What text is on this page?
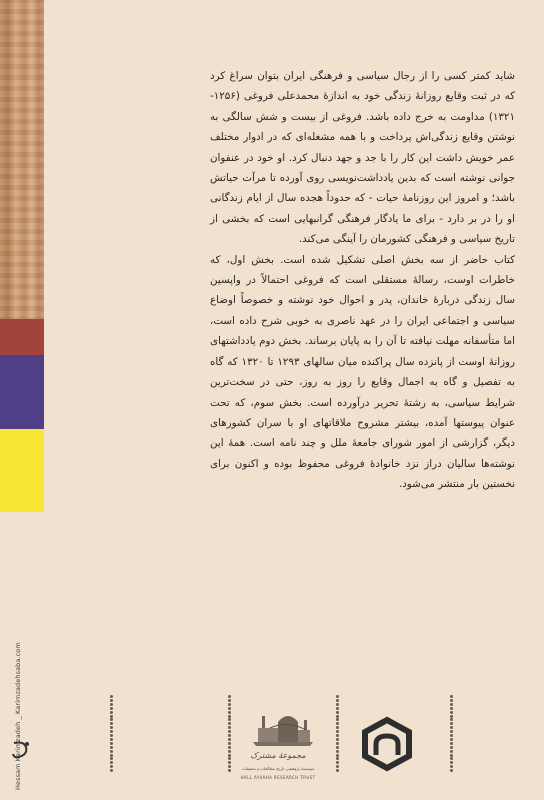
Hessam Karimzadeh _ Karimzadehsaba.com

شاید کمتر کسی را از رجال سیاسی و فرهنگی ایران بتوان سراغ کرد که در ثبت وقایع روزانهٔ زندگی خود به اندازهٔ محمدعلی فروغی (۱۲۵۶- ۱۳۲۱) مداومت به خرج داده باشد. فروغی از بیست و شش سالگی به نوشتن وقایع زندگی‌اش پرداخت و با همه مشغله‌ای که در ادوار مختلف عمر خویش داشت این کار را با جد و جهد دنبال کرد. او خود در عنفوان جوانی نوشته است که بدین یادداشت‌نویسی روی آورده تا مرآت حیاتش باشد؛ و امروز این روزنامهٔ حیات - که حدوداً هجده سال از ایام زندگانی او را در بر دارد - برای ما یادگار فرهنگی گرانبهایی است که بخشی از تاریخ سیاسی و فرهنگی کشورمان را آینگی می‌کند.

کتاب حاضر از سه بخش اصلی تشکیل شده است. بخش اول، که خاطرات اوست، رسالهٔ مستقلی است که فروغی احتمالاً در واپسین سال زندگی دربارهٔ خاندان، پدر و احوال خود نوشته و خصوصاً اوضاع سیاسی و اجتماعی ایران را در عهد ناصری به خوبی شرح داده است، اما متأسفانه مهلت نیافته تا آن را به پایان برساند. بخش دوم یادداشتهای روزانهٔ اوست از پانزده سال پراکنده میان سالهای ۱۲۹۳ تا ۱۳۲۰ که گاه به تفصیل و گاه به اجمال وقایع را روز به روز، حتی در سخت‌ترین شرایط سیاسی، به رشتهٔ تحریر درآورده است. بخش سوم، که تحت عنوان پیوستها آمده، بیشتر مشروح ملاقاتهای او با سران کشورهای دیگر، گزارشی از امور شورای جامعهٔ ملل و چند نامه است. همهٔ این نوشته‌ها سالیان دراز نزد خانوادهٔ فروغی محفوظ بوده و اکنون برای نخستین بار منتشر می‌شود.

مجموعهٔ مشترک
موسسهٔ پژوهشی تاریخ مطالعات و تحقیقات
HALL AYVAHA RESEARCH TRUST
